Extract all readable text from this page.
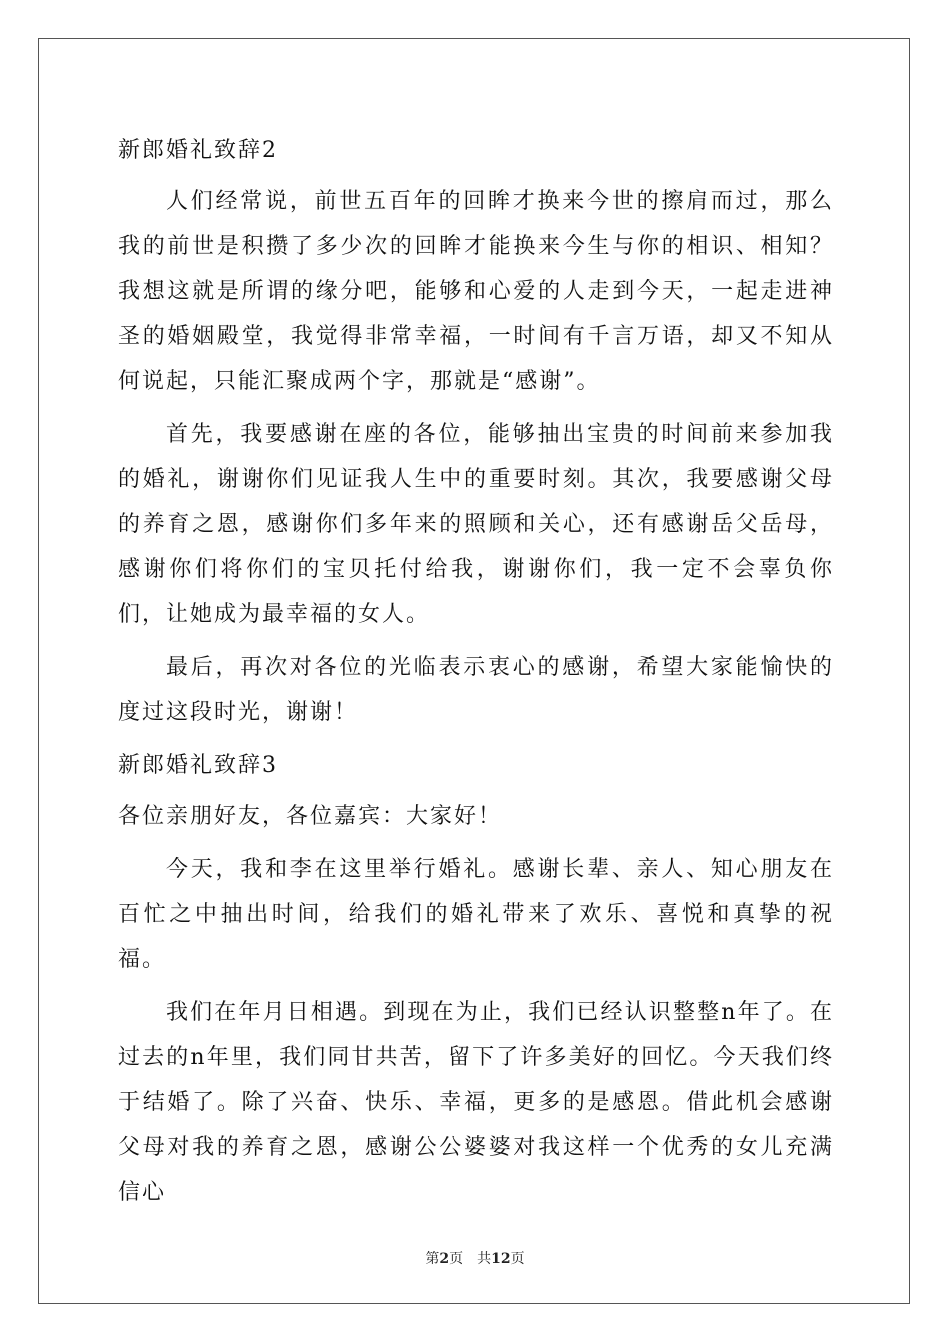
新郎婚礼致辞2

人们经常说，前世五百年的回眸才换来今世的擦肩而过，那么我的前世是积攒了多少次的回眸才能换来今生与你的相识、相知？我想这就是所谓的缘分吧，能够和心爱的人走到今天，一起走进神圣的婚姻殿堂，我觉得非常幸福，一时间有千言万语，却又不知从何说起，只能汇聚成两个字，那就是“感谢”。

首先，我要感谢在座的各位，能够抽出宝贵的时间前来参加我的婚礼，谢谢你们见证我人生中的重要时刻。其次，我要感谢父母的养育之恩，感谢你们多年来的照顾和关心，还有感谢岳父岳母，感谢你们将你们的宝贝托付给我，谢谢你们，我一定不会辜负你们，让她成为最幸福的女人。

最后，再次对各位的光临表示衷心的感谢，希望大家能愉快的度过这段时光，谢谢！

新郎婚礼致辞3

各位亲朋好友，各位嘉宾：大家好！

今天，我和李在这里举行婚礼。感谢长辈、亲人、知心朋友在百忙之中抽出时间，给我们的婚礼带来了欢乐、喜悦和真挚的祝福。

我们在年月日相遇。到现在为止，我们已经认识整整n年了。在过去的n年里，我们同甘共苦，留下了许多美好的回忆。今天我们终于结婚了。除了兴奋、快乐、幸福，更多的是感恩。借此机会感谢父母对我的养育之恩，感谢公公婆婆对我这样一个优秀的女儿充满信心

第2页 共12页
